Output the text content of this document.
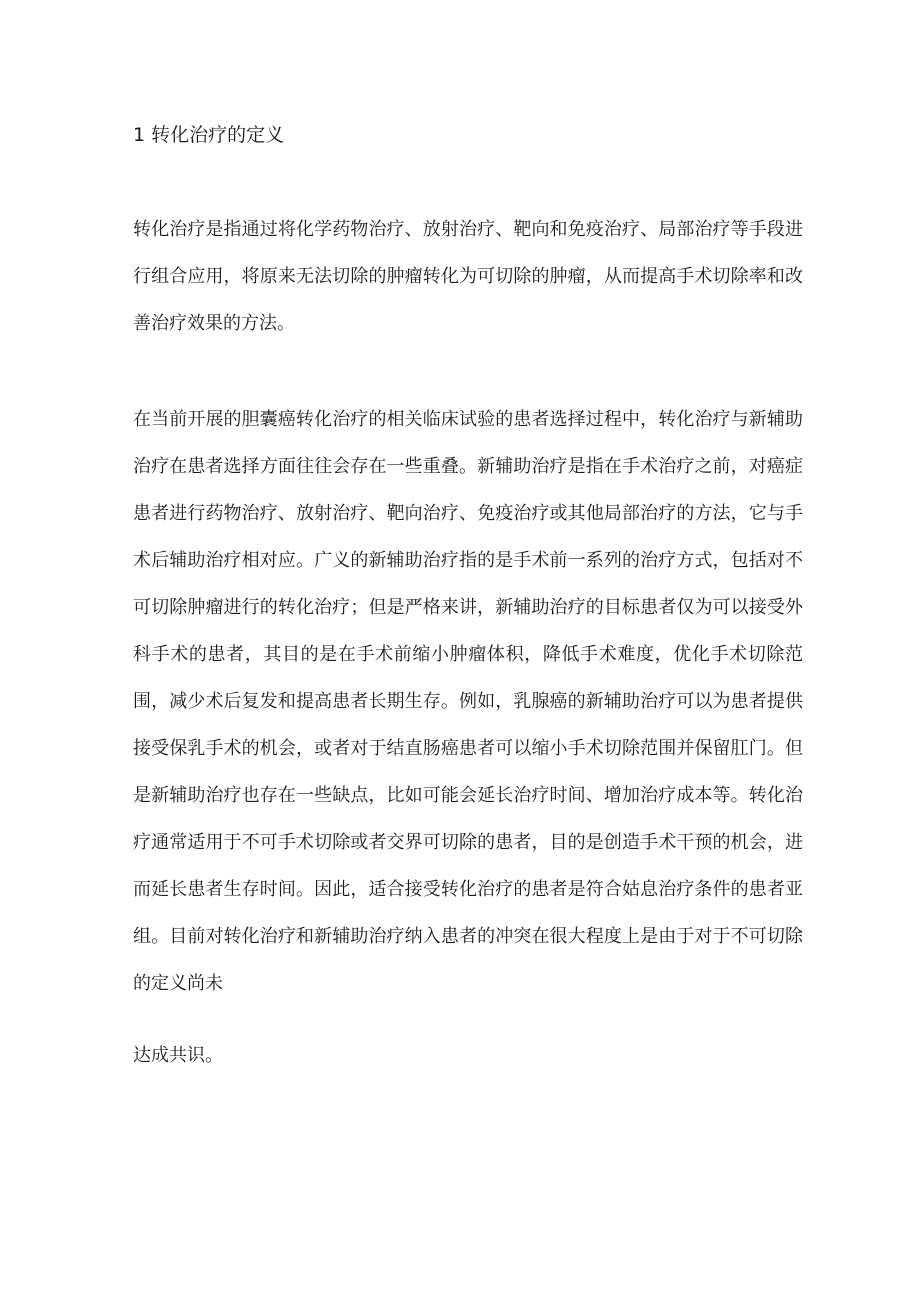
1 转化治疗的定义

转化治疗是指通过将化学药物治疗、放射治疗、靶向和免疫治疗、局部治疗等手段进行组合应用，将原来无法切除的肿瘤转化为可切除的肿瘤，从而提高手术切除率和改善治疗效果的方法。

在当前开展的胆囊癌转化治疗的相关临床试验的患者选择过程中，转化治疗与新辅助治疗在患者选择方面往往会存在一些重叠。新辅助治疗是指在手术治疗之前，对癌症患者进行药物治疗、放射治疗、靶向治疗、免疫治疗或其他局部治疗的方法，它与手术后辅助治疗相对应。广义的新辅助治疗指的是手术前一系列的治疗方式，包括对不可切除肿瘤进行的转化治疗；但是严格来讲，新辅助治疗的目标患者仅为可以接受外科手术的患者，其目的是在手术前缩小肿瘤体积，降低手术难度，优化手术切除范围，减少术后复发和提高患者长期生存。例如，乳腺癌的新辅助治疗可以为患者提供接受保乳手术的机会，或者对于结直肠癌患者可以缩小手术切除范围并保留肛门。但是新辅助治疗也存在一些缺点，比如可能会延长治疗时间、增加治疗成本等。转化治疗通常适用于不可手术切除或者交界可切除的患者，目的是创造手术干预的机会，进而延长患者生存时间。因此，适合接受转化治疗的患者是符合姑息治疗条件的患者亚组。目前对转化治疗和新辅助治疗纳入患者的冲突在很大程度上是由于对于不可切除的定义尚未

达成共识。
